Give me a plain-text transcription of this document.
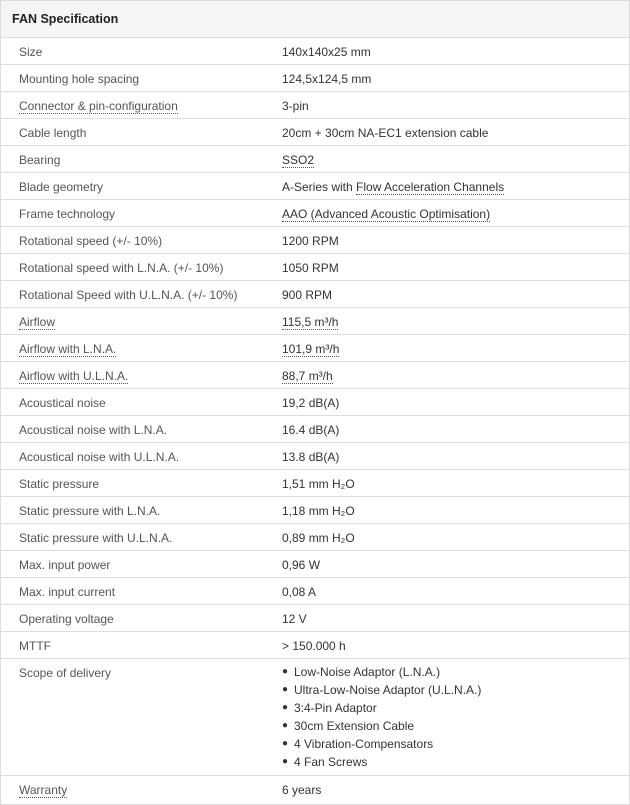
FAN Specification
Size	140x140x25 mm
Mounting hole spacing	124,5x124,5 mm
Connector & pin-configuration	3-pin
Cable length	20cm + 30cm NA-EC1 extension cable
Bearing	SSO2
Blade geometry	A-Series with Flow Acceleration Channels
Frame technology	AAO (Advanced Acoustic Optimisation)
Rotational speed (+/- 10%)	1200 RPM
Rotational speed with L.N.A. (+/- 10%)	1050 RPM
Rotational Speed with U.L.N.A. (+/- 10%)	900 RPM
Airflow	115,5 m³/h
Airflow with L.N.A.	101,9 m³/h
Airflow with U.L.N.A.	88,7 m³/h
Acoustical noise	19,2 dB(A)
Acoustical noise with L.N.A.	16.4 dB(A)
Acoustical noise with U.L.N.A.	13.8 dB(A)
Static pressure	1,51 mm H₂O
Static pressure with L.N.A.	1,18 mm H₂O
Static pressure with U.L.N.A.	0,89 mm H₂O
Max. input power	0,96 W
Max. input current	0,08 A
Operating voltage	12 V
MTTF	> 150.000 h
Scope of delivery	● Low-Noise Adaptor (L.N.A.)
● Ultra-Low-Noise Adaptor (U.L.N.A.)
● 3:4-Pin Adaptor
● 30cm Extension Cable
● 4 Vibration-Compensators
● 4 Fan Screws
Warranty	6 years
